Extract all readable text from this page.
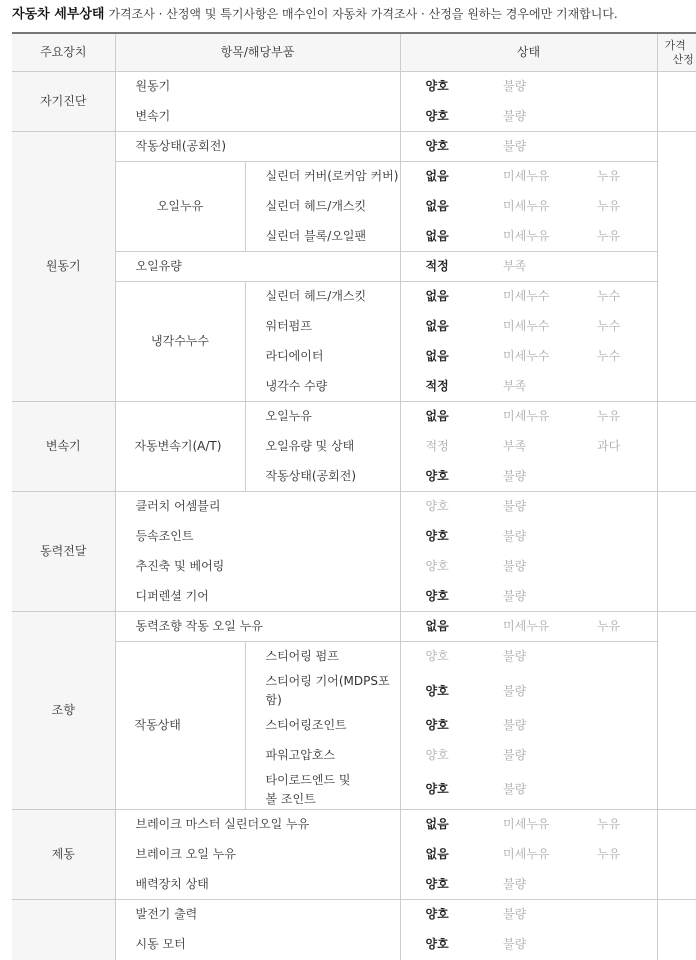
자동차 세부상태 가격조사 · 산정액 및 특기사항은 매수인이 자동차 가격조사 · 산정을 원하는 경우에만 기재합니다.
주요장치	항목/해당부품		상태			가격
산정
자기진단	원동기		양호	불량		
	변속기		양호	불량		
원동기	작동상태(공회전)		양호	불량		
	오일누유	실린더 커버(로커암 커버)	없음	미세누유	누유	
		실린더 헤드/개스킷	없음	미세누유	누유	
		실린더 블록/오일팬	없음	미세누유	누유	
	오일유량		적정	부족		
	냉각수누수	실린더 헤드/개스킷	없음	미세누수	누수	
		워터펌프	없음	미세누수	누수	
		라디에이터	없음	미세누수	누수	
		냉각수 수량	적정	부족		
변속기	자동변속기(A/T)	오일누유	없음	미세누유	누유	
		오일유량 및 상태	적정	부족	과다	
		작동상태(공회전)	양호	불량		
동력전달	클러치 어셈블리		양호	불량		
	등속조인트		양호	불량		
	추진축 및 베어링		양호	불량		
	디퍼렌셜 기어		양호	불량		
조향	동력조향 작동 오일 누유		없음	미세누유	누유	
	작동상태	스티어링 펌프	양호	불량		
		스티어링 기어(MDPS포
함)	양호	불량		
		스티어링조인트	양호	불량		
		파워고압호스	양호	불량		
		타이로드엔드 및
볼 조인트	양호	불량		
제동	브레이크 마스터 실린더오일 누유		없음	미세누유	누유	
	브레이크 오일 누유		없음	미세누유	누유	
	배력장치 상태		양호	불량		
	발전기 출력		양호	불량		
	시동 모터		양호	불량		
